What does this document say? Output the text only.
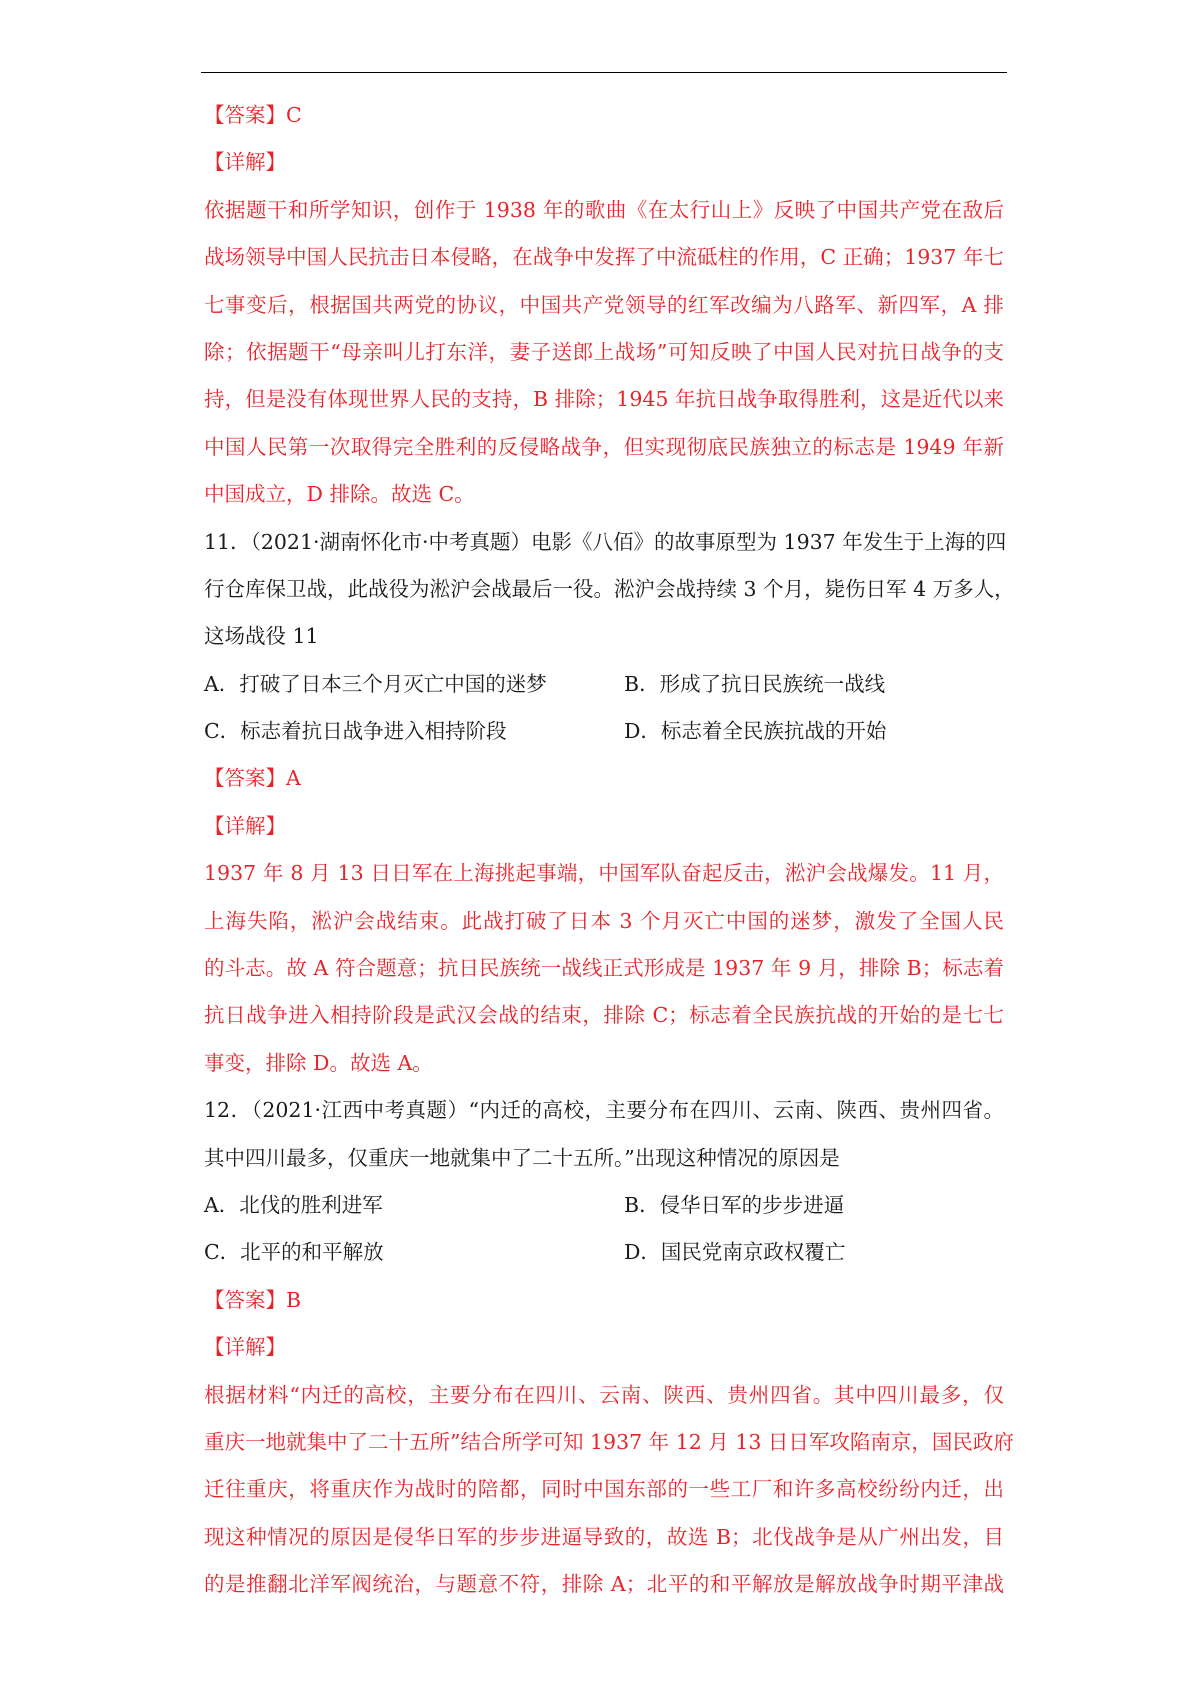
【答案】C
【详解】
依据题干和所学知识，创作于 1938 年的歌曲《在太行山上》反映了中国共产党在敌后
战场领导中国人民抗击日本侵略，在战争中发挥了中流砥柱的作用，C 正确；1937 年七
七事变后，根据国共两党的协议，中国共产党领导的红军改编为八路军、新四军，A 排
除；依据题干“母亲叫儿打东洋，妻子送郎上战场”可知反映了中国人民对抗日战争的支
持，但是没有体现世界人民的支持，B 排除；1945 年抗日战争取得胜利，这是近代以来
中国人民第一次取得完全胜利的反侵略战争，但实现彻底民族独立的标志是 1949 年新
中国成立，D 排除。故选 C。
11．（2021·湖南怀化市·中考真题）电影《八佰》的故事原型为 1937 年发生于上海的四
行仓库保卫战，此战役为淞沪会战最后一役。淞沪会战持续 3 个月，毙伤日军 4 万多人，
这场战役 11
A．打破了日本三个月灭亡中国的迷梦	B．形成了抗日民族统一战线
C．标志着抗日战争进入相持阶段	D．标志着全民族抗战的开始
【答案】A
【详解】
1937 年 8 月 13 日日军在上海挑起事端，中国军队奋起反击，淞沪会战爆发。11 月，
上海失陷，淞沪会战结束。此战打破了日本 3 个月灭亡中国的迷梦，激发了全国人民
的斗志。故 A 符合题意；抗日民族统一战线正式形成是 1937 年 9 月，排除 B；标志着
抗日战争进入相持阶段是武汉会战的结束，排除 C；标志着全民族抗战的开始的是七七
事变，排除 D。故选 A。
12．（2021·江西中考真题）“内迁的高校，主要分布在四川、云南、陕西、贵州四省。
其中四川最多，仅重庆一地就集中了二十五所。”出现这种情况的原因是
A．北伐的胜利进军	B．侵华日军的步步进逼
C．北平的和平解放	D．国民党南京政权覆亡
【答案】B
【详解】
根据材料“内迁的高校，主要分布在四川、云南、陕西、贵州四省。其中四川最多，仅
重庆一地就集中了二十五所”结合所学可知 1937 年 12 月 13 日日军攻陷南京，国民政府
迁往重庆，将重庆作为战时的陪都，同时中国东部的一些工厂和许多高校纷纷内迁，出
现这种情况的原因是侵华日军的步步进逼导致的，故选 B；北伐战争是从广州出发，目
的是推翻北洋军阀统治，与题意不符，排除 A；北平的和平解放是解放战争时期平津战
